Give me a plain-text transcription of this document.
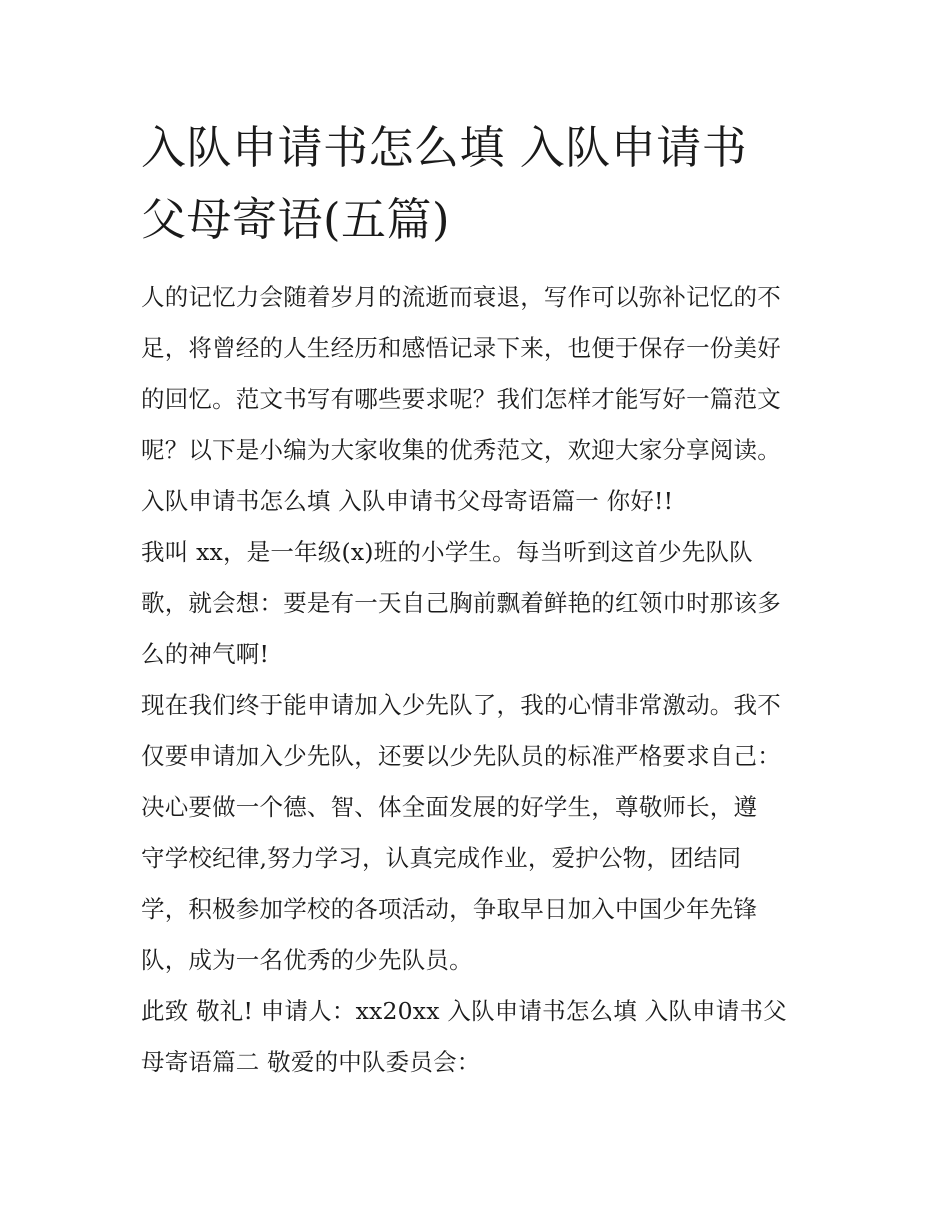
入队申请书怎么填 入队申请书
父母寄语(五篇)

人的记忆力会随着岁月的流逝而衰退，写作可以弥补记忆的不

足，将曾经的人生经历和感悟记录下来，也便于保存一份美好

的回忆。范文书写有哪些要求呢？我们怎样才能写好一篇范文

呢？以下是小编为大家收集的优秀范文，欢迎大家分享阅读。

入队申请书怎么填 入队申请书父母寄语篇一 你好!!

我叫 xx，是一年级(x)班的小学生。每当听到这首少先队队

歌，就会想：要是有一天自己胸前飘着鲜艳的红领巾时那该多

么的神气啊!

现在我们终于能申请加入少先队了，我的心情非常激动。我不

仅要申请加入少先队，还要以少先队员的标准严格要求自己：

决心要做一个德、智、体全面发展的好学生，尊敬师长，遵

守学校纪律,努力学习，认真完成作业，爱护公物，团结同

学，积极参加学校的各项活动，争取早日加入中国少年先锋

队，成为一名优秀的少先队员。

此致 敬礼! 申请人：xx20xx 入队申请书怎么填 入队申请书父

母寄语篇二 敬爱的中队委员会：
